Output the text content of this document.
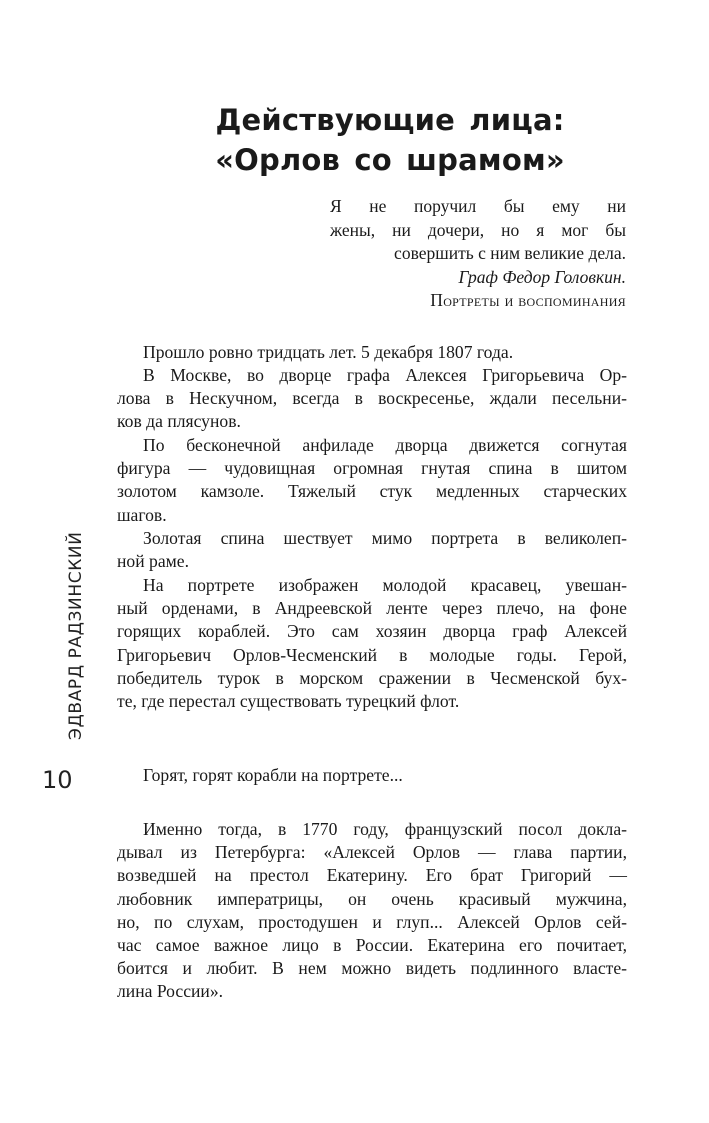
Действующие лица:
«Орлов со шрамом»
Я не поручил бы ему ни
жены, ни дочери, но я мог бы
совершить с ним великие дела.
Граф Федор Головкин.
Портреты и воспоминания
ЭДВАРД РАДЗИНСКИЙ
10
Прошло ровно тридцать лет. 5 декабря 1807 года.
В Москве, во дворце графа Алексея Григорьевича Ор-
лова в Нескучном, всегда в воскресенье, ждали песельни-
ков да плясунов.
По бесконечной анфиладе дворца движется согнутая
фигура — чудовищная огромная гнутая спина в шитом
золотом камзоле. Тяжелый стук медленных старческих
шагов.
Золотая спина шествует мимо портрета в великолеп-
ной раме.
На портрете изображен молодой красавец, увешан-
ный орденами, в Андреевской ленте через плечо, на фоне
горящих кораблей. Это сам хозяин дворца граф Алексей
Григорьевич Орлов-Чесменский в молодые годы. Герой,
победитель турок в морском сражении в Чесменской бух-
те, где перестал существовать турецкий флот.
Горят, горят корабли на портрете...
Именно тогда, в 1770 году, французский посол доклa-
дывал из Петербурга: «Алексей Орлов — глава партии,
возведшей на престол Екатерину. Его брат Григорий —
любовник императрицы, он очень красивый мужчина,
но, по слухам, простодушен и глуп... Алексей Орлов сей-
час самое важное лицо в России. Екатерина его почитает,
боится и любит. В нем можно видеть подлинного власте-
лина России».
